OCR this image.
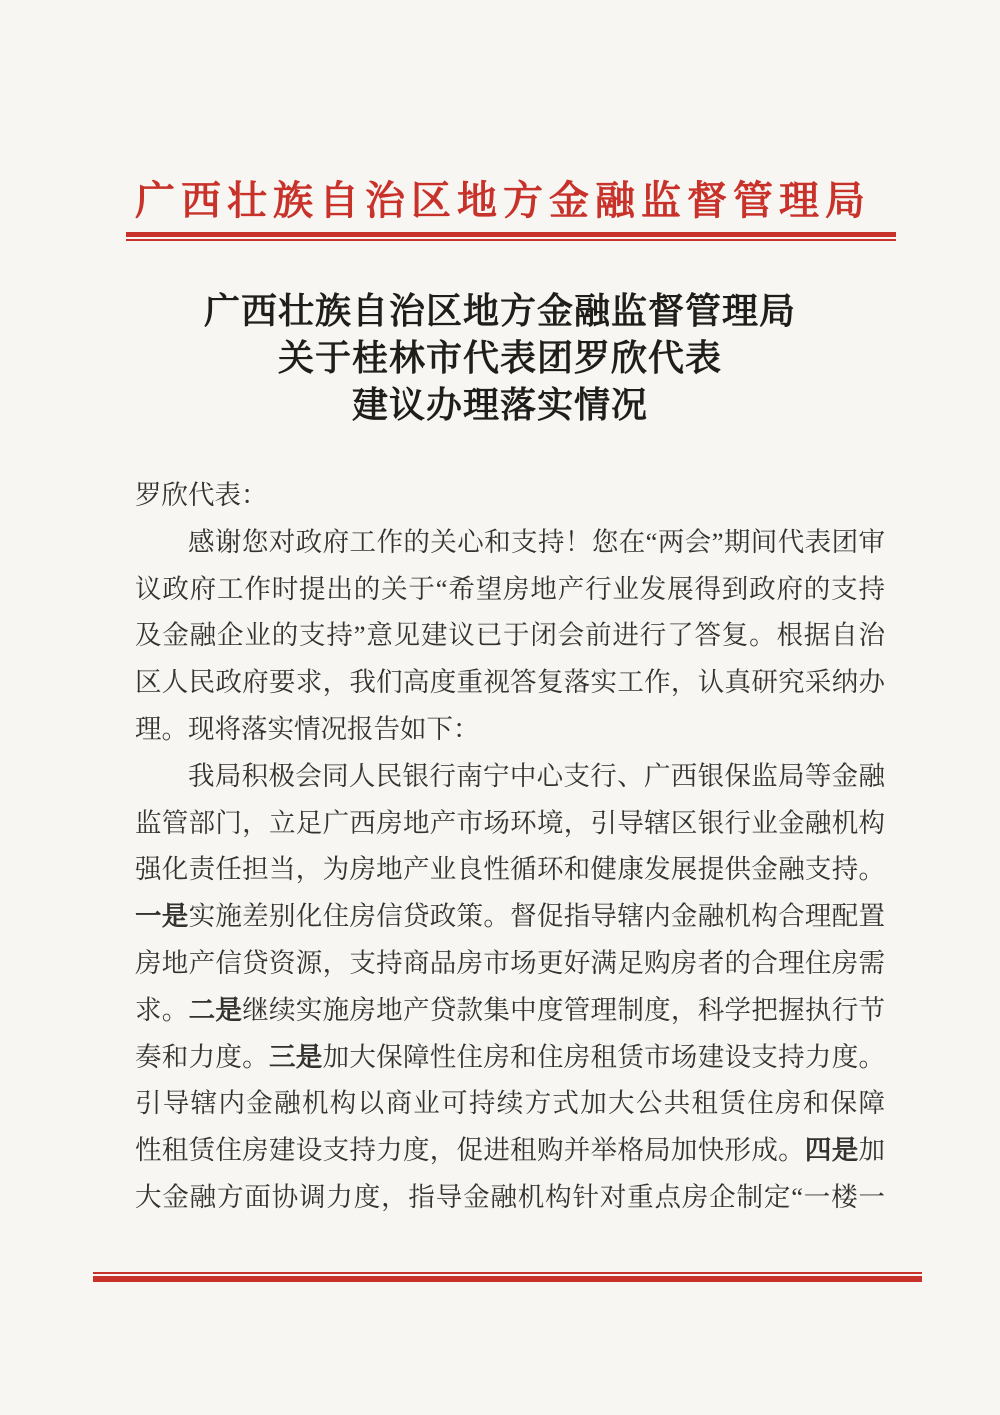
广西壮族自治区地方金融监督管理局
广西壮族自治区地方金融监督管理局
关于桂林市代表团罗欣代表
建议办理落实情况
罗欣代表：
感谢您对政府工作的关心和支持！您在“两会”期间代表团审
议政府工作时提出的关于“希望房地产行业发展得到政府的支持
及金融企业的支持”意见建议已于闭会前进行了答复。根据自治
区人民政府要求，我们高度重视答复落实工作，认真研究采纳办
理。现将落实情况报告如下：
我局积极会同人民银行南宁中心支行、广西银保监局等金融
监管部门，立足广西房地产市场环境，引导辖区银行业金融机构
强化责任担当，为房地产业良性循环和健康发展提供金融支持。
一是实施差别化住房信贷政策。督促指导辖内金融机构合理配置
房地产信贷资源，支持商品房市场更好满足购房者的合理住房需
求。二是继续实施房地产贷款集中度管理制度，科学把握执行节
奏和力度。三是加大保障性住房和住房租赁市场建设支持力度。
引导辖内金融机构以商业可持续方式加大公共租赁住房和保障
性租赁住房建设支持力度，促进租购并举格局加快形成。四是加
大金融方面协调力度，指导金融机构针对重点房企制定“一楼一
